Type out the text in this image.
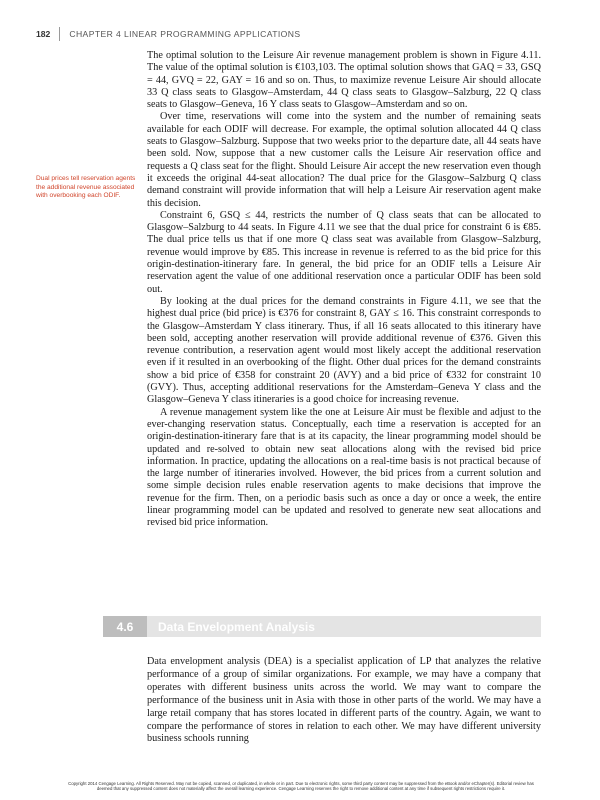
182 CHAPTER 4 LINEAR PROGRAMMING APPLICATIONS

The optimal solution to the Leisure Air revenue management problem is shown in Figure 4.11. The value of the optimal solution is €103,103. The optimal solution shows that GAQ = 33, GSQ = 44, GVQ = 22, GAY = 16 and so on. Thus, to maximize revenue Leisure Air should allocate 33 Q class seats to Glasgow–Amsterdam, 44 Q class seats to Glasgow–Salzburg, 22 Q class seats to Glasgow–Geneva, 16 Y class seats to Glasgow–Amsterdam and so on.

Over time, reservations will come into the system and the number of remaining seats available for each ODIF will decrease. For example, the optimal solution allocated 44 Q class seats to Glasgow–Salzburg. Suppose that two weeks prior to the departure date, all 44 seats have been sold. Now, suppose that a new customer calls the Leisure Air reservation office and requests a Q class seat for the flight. Should Leisure Air accept the new reservation even though it exceeds the original 44-seat allocation? The dual price for the Glasgow–Salzburg Q class demand constraint will provide information that will help a Leisure Air reservation agent make this decision.

Constraint 6, GSQ ≤ 44, restricts the number of Q class seats that can be allocated to Glasgow–Salzburg to 44 seats. In Figure 4.11 we see that the dual price for constraint 6 is €85. The dual price tells us that if one more Q class seat was available from Glasgow–Salzburg, revenue would improve by €85. This increase in revenue is referred to as the bid price for this origin-destination-itinerary fare. In general, the bid price for an ODIF tells a Leisure Air reservation agent the value of one additional reservation once a particular ODIF has been sold out.

By looking at the dual prices for the demand constraints in Figure 4.11, we see that the highest dual price (bid price) is €376 for constraint 8, GAY ≤ 16. This constraint corresponds to the Glasgow–Amsterdam Y class itinerary. Thus, if all 16 seats allocated to this itinerary have been sold, accepting another reservation will provide additional revenue of €376. Given this revenue contribution, a reservation agent would most likely accept the additional reservation even if it resulted in an overbooking of the flight. Other dual prices for the demand constraints show a bid price of €358 for constraint 20 (AVY) and a bid price of €332 for constraint 10 (GVY). Thus, accepting additional reservations for the Amsterdam–Geneva Y class and the Glasgow–Geneva Y class itineraries is a good choice for increasing revenue.

A revenue management system like the one at Leisure Air must be flexible and adjust to the ever-changing reservation status. Conceptually, each time a reservation is accepted for an origin-destination-itinerary fare that is at its capacity, the linear programming model should be updated and re-solved to obtain new seat allocations along with the revised bid price information. In practice, updating the allocations on a real-time basis is not practical because of the large number of itineraries involved. However, the bid prices from a current solution and some simple decision rules enable reservation agents to make decisions that improve the revenue for the firm. Then, on a periodic basis such as once a day or once a week, the entire linear programming model can be updated and resolved to generate new seat allocations and revised bid price information.

Dual prices tell reservation agents the additional revenue associated with overbooking each ODIF.
4.6	Data Envelopment Analysis

Data envelopment analysis (DEA) is a specialist application of LP that analyzes the relative performance of a group of similar organizations. For example, we may have a company that operates with different business units across the world. We may want to compare the performance of the business unit in Asia with those in other parts of the world. We may have a large retail company that has stores located in different parts of the country. Again, we want to compare the performance of stores in relation to each other. We may have different university business schools running

Copyright 2014 Cengage Learning. All Rights Reserved. May not be copied, scanned, or duplicated, in whole or in part. Due to electronic rights, some third party content may be suppressed from the eBook and/or eChapter(s). Editorial review has
deemed that any suppressed content does not materially affect the overall learning experience. Cengage Learning reserves the right to remove additional content at any time if subsequent rights restrictions require it.
